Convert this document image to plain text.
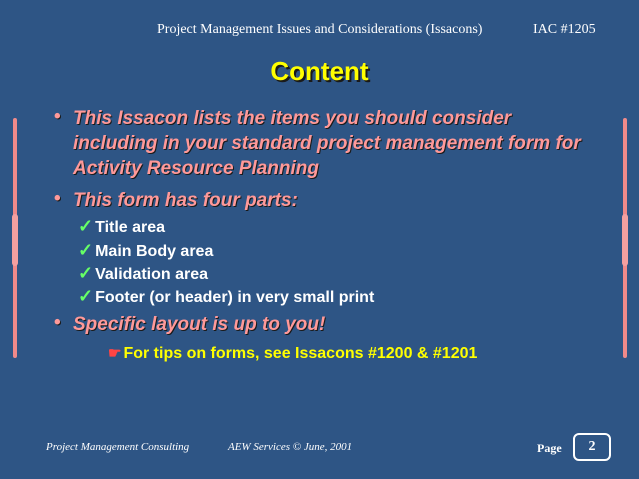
Project Management Issues and Considerations (Issacons)	IAC #1205
Content
• This Issacon lists the items you should consider including in your standard project management form for Activity Resource Planning
• This form has four parts:
✓ Title area
✓ Main Body area
✓ Validation area
✓ Footer (or header) in very small print
• Specific layout is up to you!
☛ For tips on forms, see Issacons #1200 & #1201
Project Management Consulting	AEW Services © June, 2001	Page	2
